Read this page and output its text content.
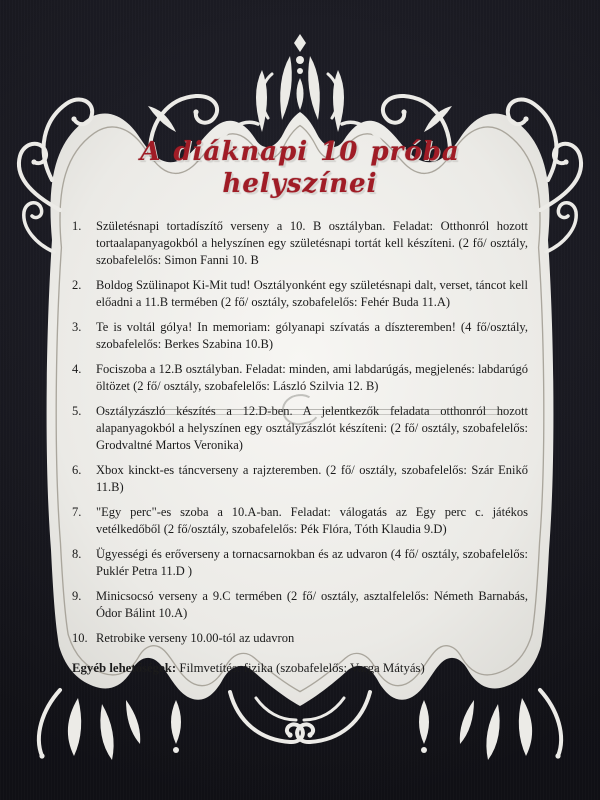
A diáknapi 10 próba helyszínei
1.	Születésnapi tortadíszítő verseny a 10. B osztályban. Feladat: Otthonról hozott tortaalapanyagokból a helyszínen egy születésnapi tortát kell készíteni. (2 fő/ osztály, szobafelelős: Simon Fanni 10. B
2.	Boldog Szülinapot Ki-Mit tud! Osztályonként egy születésnapi dalt, verset, táncot kell előadni a 11.B termében (2 fő/ osztály, szobafelelős: Fehér Buda 11.A)
3.	Te is voltál gólya! In memoriam: gólyanapi szívatás a díszteremben! (4 fő/osztály, szobafelelős: Berkes Szabina 10.B)
4.	Fociszoba a 12.B osztályban. Feladat: minden, ami labdarúgás, megjelenés: labdarúgó öltözet (2 fő/ osztály, szobafelelős: László Szilvia 12. B)
5.	Osztályzászló készítés a 12.D-ben. A jelentkezők feladata otthonról hozott alapanyagokból a helyszínen egy osztályzászlót készíteni: (2 fő/ osztály, szobafelelős: Grodvaltné Martos Veronika)
6.	Xbox kinckt-es táncverseny a rajzteremben. (2 fő/ osztály, szobafelelős: Szár Enikő 11.B)
7.	"Egy perc"-es szoba a 10.A-ban. Feladat: válogatás az Egy perc c. játékos vetélkedőből (2 fő/osztály, szobafelelős: Pék Flóra, Tóth Klaudia 9.D)
8.	Ügyességi és erőverseny a tornacsarnokban és az udvaron (4 fő/ osztály, szobafelelős: Puklér Petra 11.D )
9.	Minicsocsó verseny a 9.C termében (2 fő/ osztály, asztalfelelős: Németh Barnabás, Ódor Bálint 10.A)
10. Retrobike verseny 10.00-tól az udavron

Egyéb lehetőségek: Filmvetítés: fizika (szobafelelős: Varga Mátyás)
